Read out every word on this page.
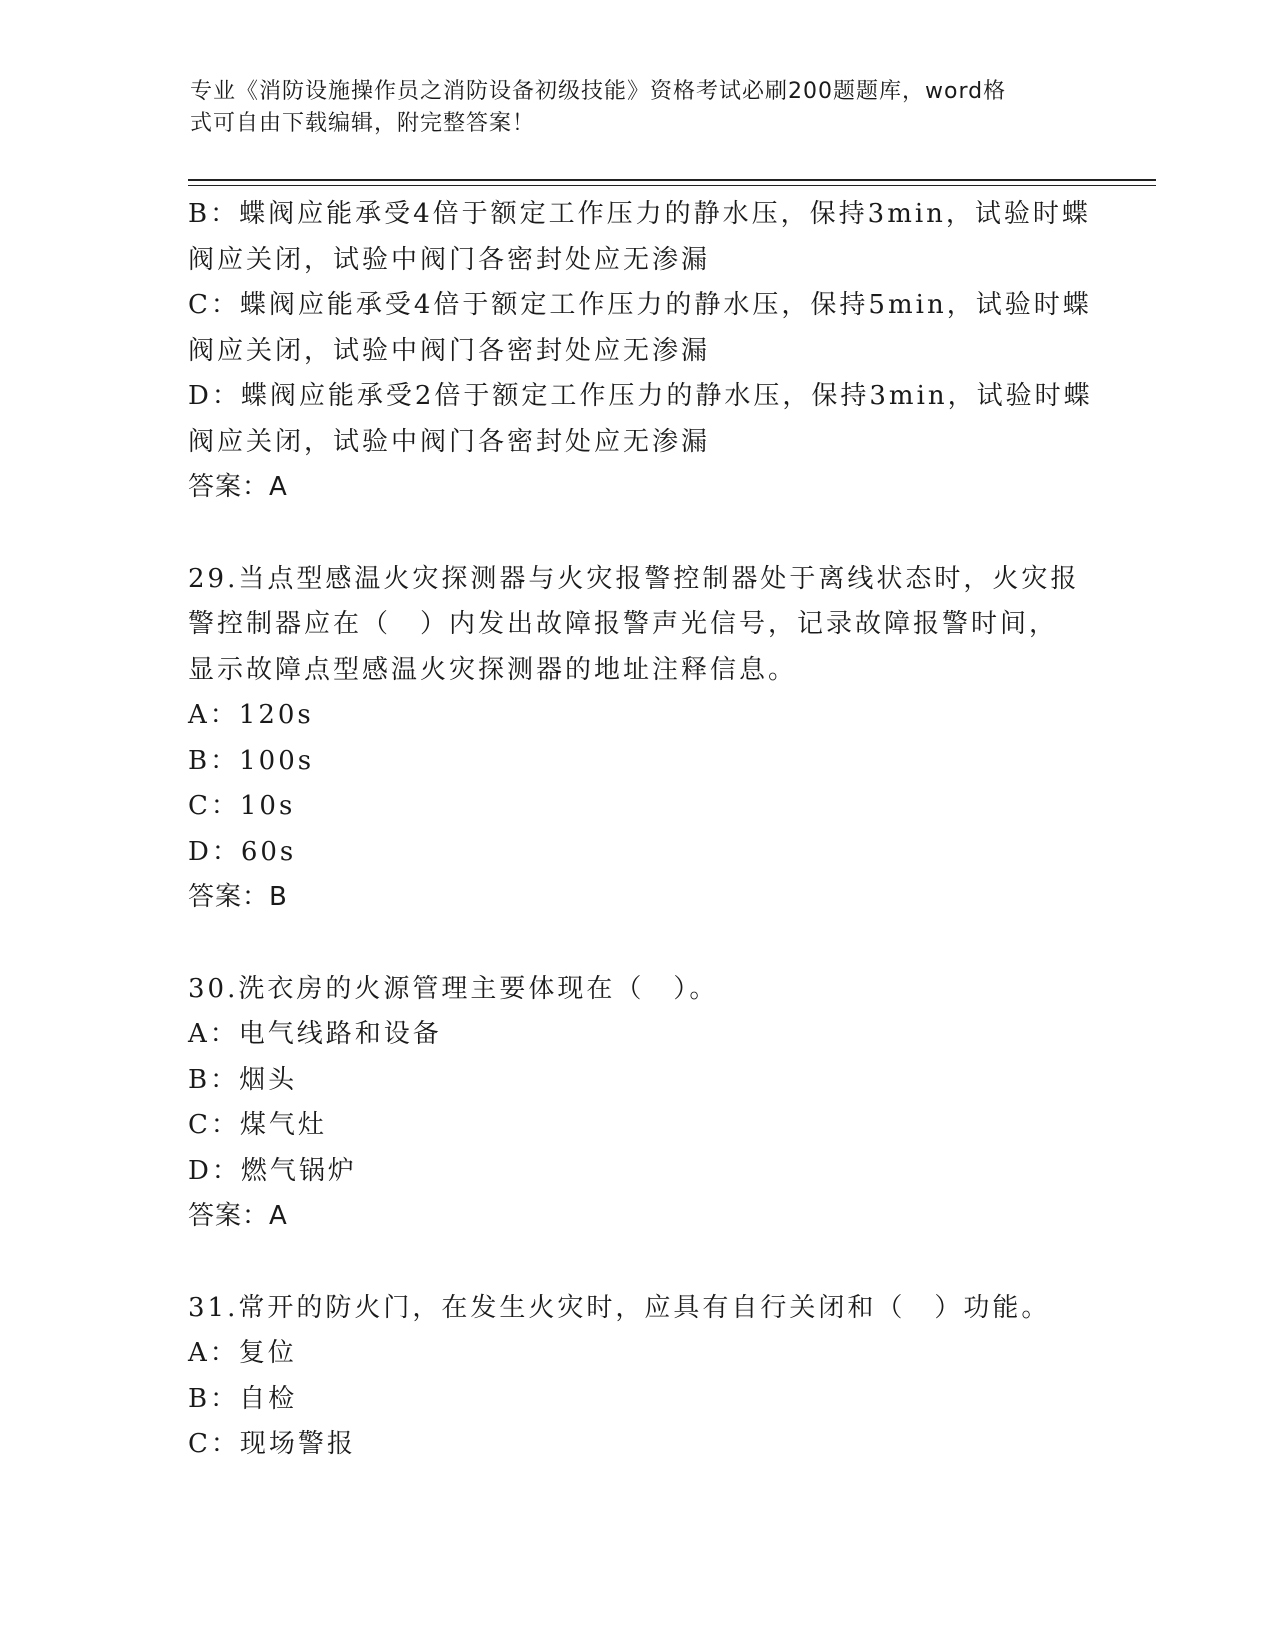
专业《消防设施操作员之消防设备初级技能》资格考试必刷200题题库，word格
式可自由下载编辑，附完整答案！
B：蝶阀应能承受4倍于额定工作压力的静水压，保持3min，试验时蝶
阀应关闭，试验中阀门各密封处应无渗漏
C：蝶阀应能承受4倍于额定工作压力的静水压，保持5min，试验时蝶
阀应关闭，试验中阀门各密封处应无渗漏
D：蝶阀应能承受2倍于额定工作压力的静水压，保持3min，试验时蝶
阀应关闭，试验中阀门各密封处应无渗漏
答案：A
29.当点型感温火灾探测器与火灾报警控制器处于离线状态时，火灾报
警控制器应在（　）内发出故障报警声光信号，记录故障报警时间，
显示故障点型感温火灾探测器的地址注释信息。
A：120s
B：100s
C：10s
D：60s
答案：B
30.洗衣房的火源管理主要体现在（　）。
A：电气线路和设备
B：烟头
C：煤气灶
D：燃气锅炉
答案：A
31.常开的防火门，在发生火灾时，应具有自行关闭和（　）功能。
A：复位
B：自检
C：现场警报
